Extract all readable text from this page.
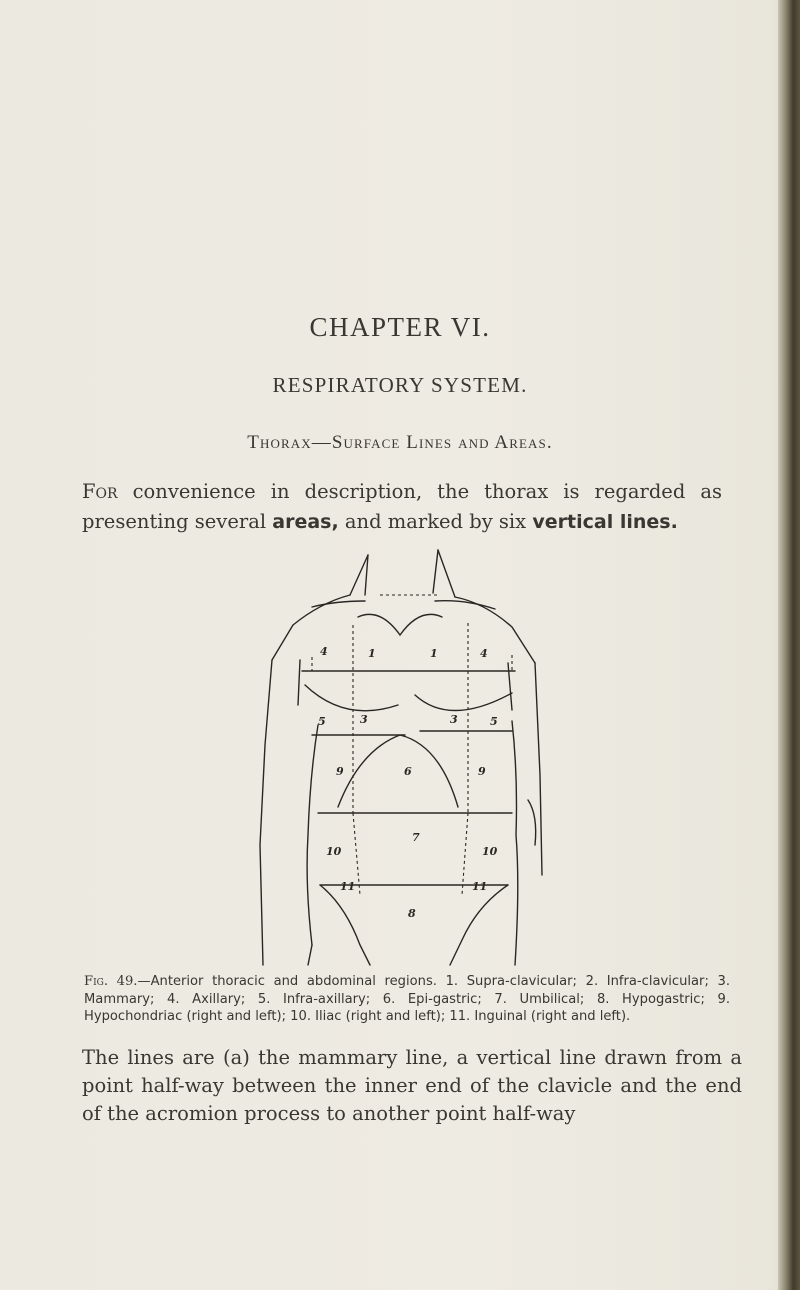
CHAPTER VI.
RESPIRATORY SYSTEM.
Thorax—Surface Lines and Areas.
For convenience in description, the thorax is regarded as presenting several areas, and marked by six vertical lines.
4	1	1	4
5	3	3	5
9	6	9
7
10	10
11	11
8
Fig. 49.—Anterior thoracic and abdominal regions. 1. Supra-clavicular; 2. Infra-clavicular; 3. Mammary; 4. Axillary; 5. Infra-axillary; 6. Epi-gastric; 7. Umbilical; 8. Hypogastric; 9. Hypochondriac (right and left); 10. Iliac (right and left); 11. Inguinal (right and left).
The lines are (a) the mammary line, a vertical line drawn from a point half-way between the inner end of the clavicle and the end of the acromion process to another point half-way
